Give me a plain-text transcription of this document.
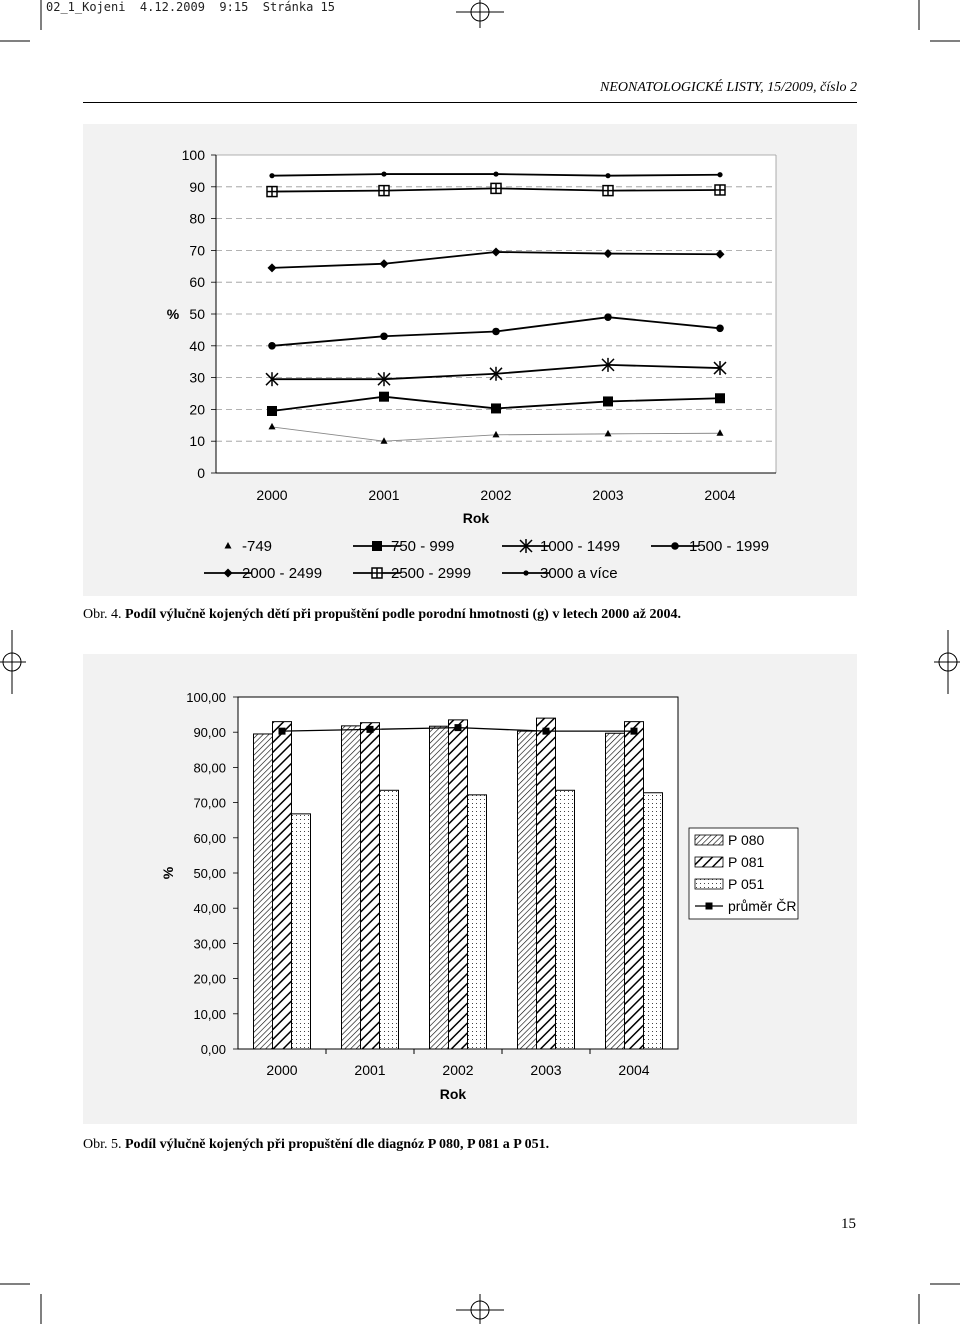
02_1_Kojeni  4.12.2009  9:15  Stránka 15
NEONATOLOGICKÉ LISTY, 15/2009, číslo 2
0
10
20
30
40
50
60
70
80
90
100
%
2000	2001	2002	2003	2004
Rok
-749	750 - 999	1000 - 1499	1500 - 1999
2000 - 2499	2500 - 2999	3000 a více
Obr. 4. Podíl výlučně kojených dětí při propuštění podle porodní hmotnosti (g) v letech 2000 až 2004.
0,00
10,00
20,00
30,00
40,00
50,00
60,00
70,00
80,00
90,00
100,00
%
2000	2001	2002	2003	2004
Rok
P 080
P 081
P 051
průměr ČR
Obr. 5. Podíl výlučně kojených při propuštění dle diagnóz P 080, P 081 a P 051.
15
